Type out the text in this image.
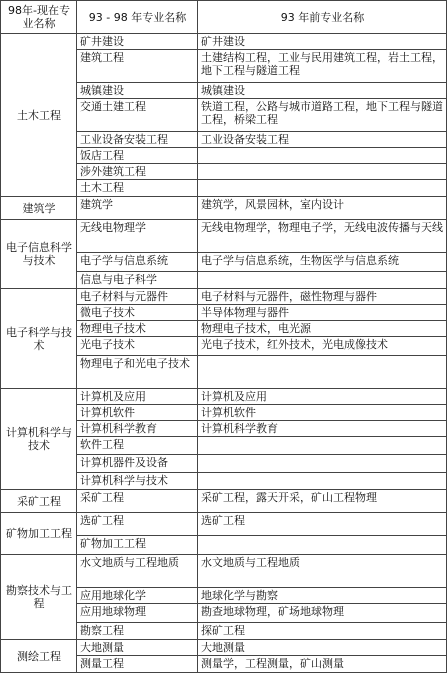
98年-现在专业名称	93 - 98 年专业名称	93 年前专业名称
土木工程	矿井建设	矿井建设
	建筑工程	土建结构工程，工业与民用建筑工程，岩土工程，地下工程与隧道工程
	城镇建设	城镇建设
	交通土建工程	铁道工程，公路与城市道路工程，地下工程与隧道工程，桥梁工程
	工业设备安装工程	工业设备安装工程
	饭店工程	
	涉外建筑工程	
	土木工程	
建筑学	建筑学	建筑学，风景园林，室内设计
电子信息科学与技术	无线电物理学	无线电物理学，物理电子学，无线电波传播与天线
	电子学与信息系统	电子学与信息系统，生物医学与信息系统
	信息与电子科学	
电子科学与技术	电子材料与元器件	电子材料与元器件，磁性物理与器件
	微电子技术	半导体物理与器件
	物理电子技术	物理电子技术，电光源
	光电子技术	光电子技术，红外技术，光电成像技术
	物理电子和光电子技术	
计算机科学与技术	计算机及应用	计算机及应用
	计算机软件	计算机软件
	计算机科学教育	计算机科学教育
	软件工程	
	计算机器件及设备	
	计算机科学与技术	
采矿工程	采矿工程	采矿工程，露天开采，矿山工程物理
矿物加工工程	选矿工程	选矿工程
	矿物加工工程	
勘察技术与工程	水文地质与工程地质	水文地质与工程地质
	应用地球化学	地球化学与勘察
	应用地球物理	勘查地球物理，矿场地球物理
	勘察工程	探矿工程
测绘工程	大地测量	大地测量
	测量工程	测量学，工程测量，矿山测量
